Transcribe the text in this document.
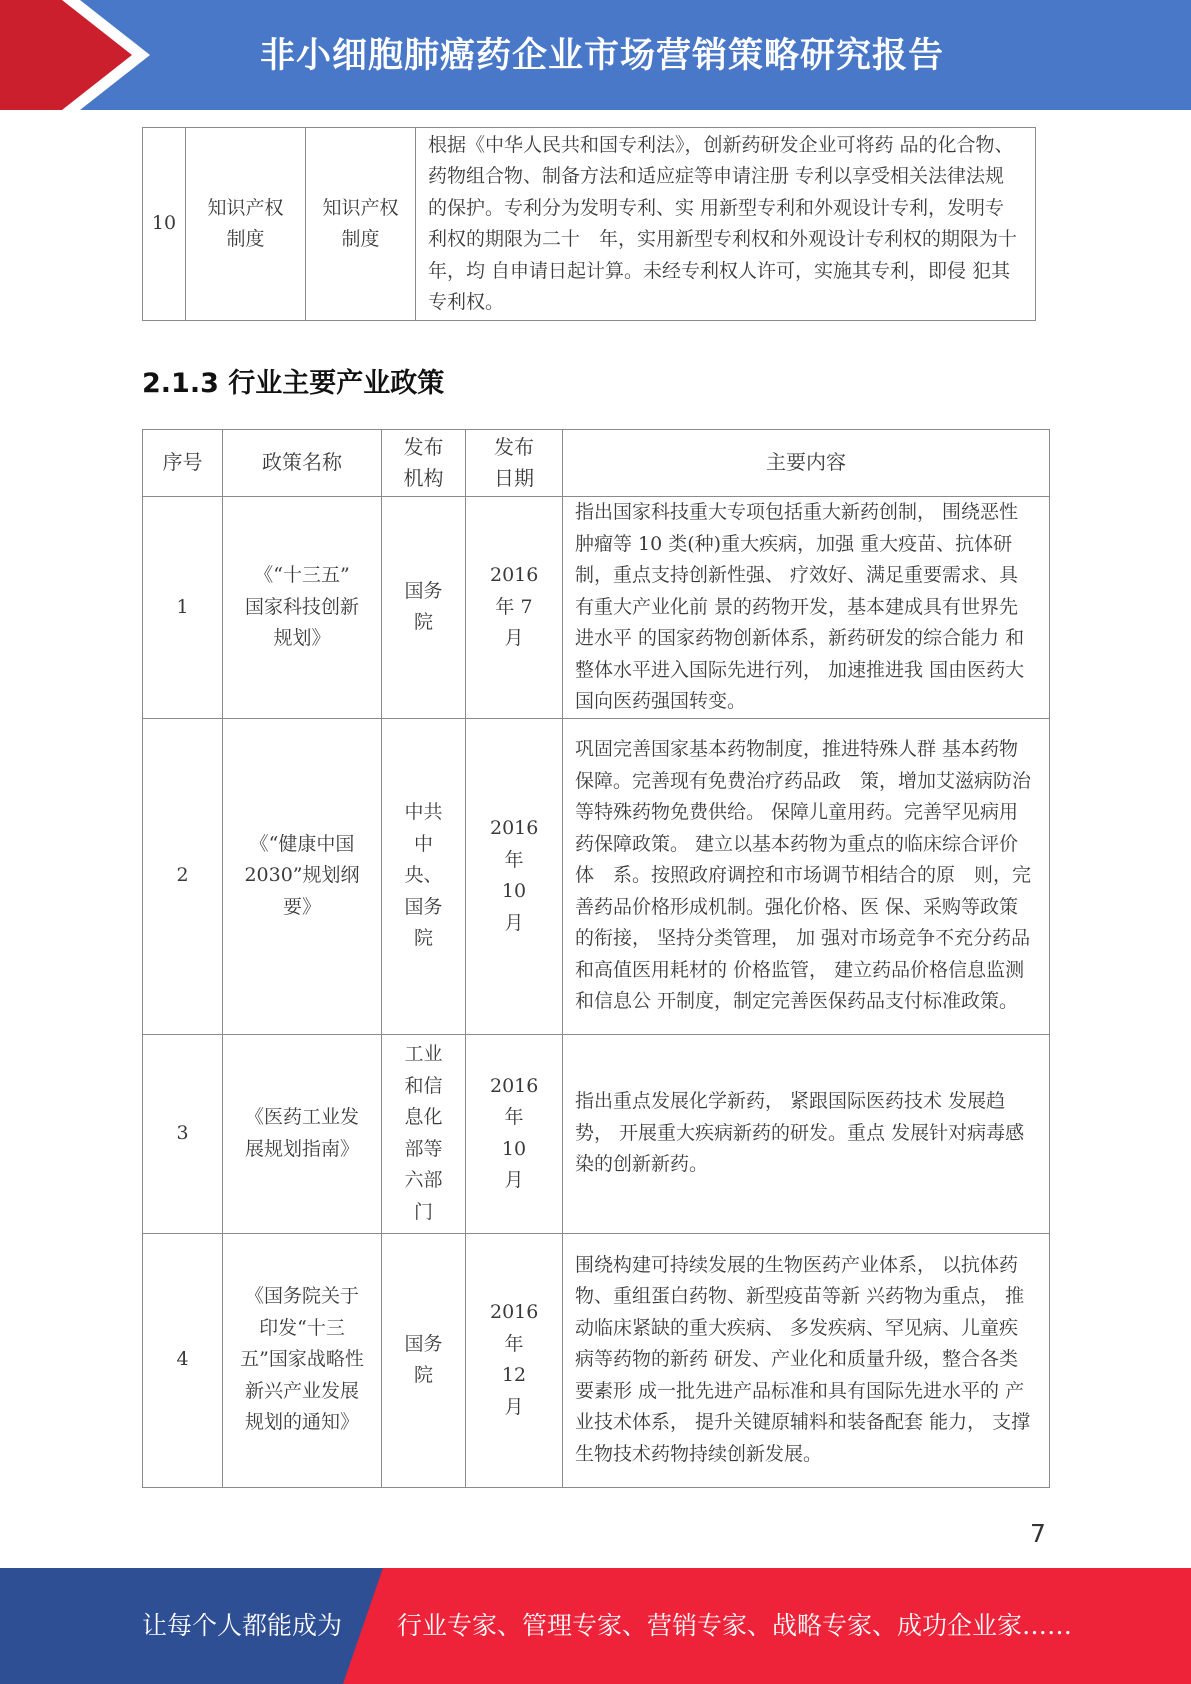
非小细胞肺癌药企业市场营销策略研究报告
10	知识产权制度	知识产权制度	根据《中华人民共和国专利法》，创新药研发企业可将药 品的化合物、药物组合物、制备方法和适应症等申请注册 专利以享受相关法律法规的保护。专利分为发明专利、实 用新型专利和外观设计专利，发明专利权的期限为二十　年，实用新型专利权和外观设计专利权的期限为十年，均 自申请日起计算。未经专利权人许可，实施其专利，即侵 犯其专利权。
2.1.3 行业主要产业政策
序号	政策名称	发布机构	发布日期	主要内容
1	《“十三五” 国家科技创新规划》	国务院	2016 年 7 月	指出国家科技重大专项包括重大新药创制， 围绕恶性肿瘤等 10 类(种)重大疾病，加强 重大疫苗、抗体研制，重点支持创新性强、 疗效好、满足重要需求、具有重大产业化前 景的药物开发，基本建成具有世界先进水平 的国家药物创新体系，新药研发的综合能力 和整体水平进入国际先进行列， 加速推进我 国由医药大国向医药强国转变。
2	《“健康中国2030”规划纲要》	中共中央、国务院	2016 年 10 月	巩固完善国家基本药物制度，推进特殊人群 基本药物保障。完善现有免费治疗药品政　策，增加艾滋病防治等特殊药物免费供给。 保障儿童用药。完善罕见病用药保障政策。 建立以基本药物为重点的临床综合评价体　系。按照政府调控和市场调节相结合的原　则，完善药品价格形成机制。强化价格、医 保、采购等政策的衔接， 坚持分类管理， 加 强对市场竞争不充分药品和高值医用耗材的 价格监管， 建立药品价格信息监测和信息公 开制度，制定完善医保药品支付标准政策。
3	《医药工业发展规划指南》	工业和信息化部等六部门	2016 年 10 月	指出重点发展化学新药， 紧跟国际医药技术 发展趋势， 开展重大疾病新药的研发。重点 发展针对病毒感染的创新新药。
4	《国务院关于印发“十三五”国家战略性新兴产业发展规划的通知》	国务院	2016 年 12 月	围绕构建可持续发展的生物医药产业体系， 以抗体药物、重组蛋白药物、新型疫苗等新 兴药物为重点， 推动临床紧缺的重大疾病、 多发疾病、罕见病、儿童疾病等药物的新药 研发、产业化和质量升级，整合各类要素形 成一批先进产品标准和具有国际先进水平的 产业技术体系， 提升关键原辅料和装备配套 能力， 支撑生物技术药物持续创新发展。
7
让每个人都能成为 行业专家、管理专家、营销专家、战略专家、成功企业家……
